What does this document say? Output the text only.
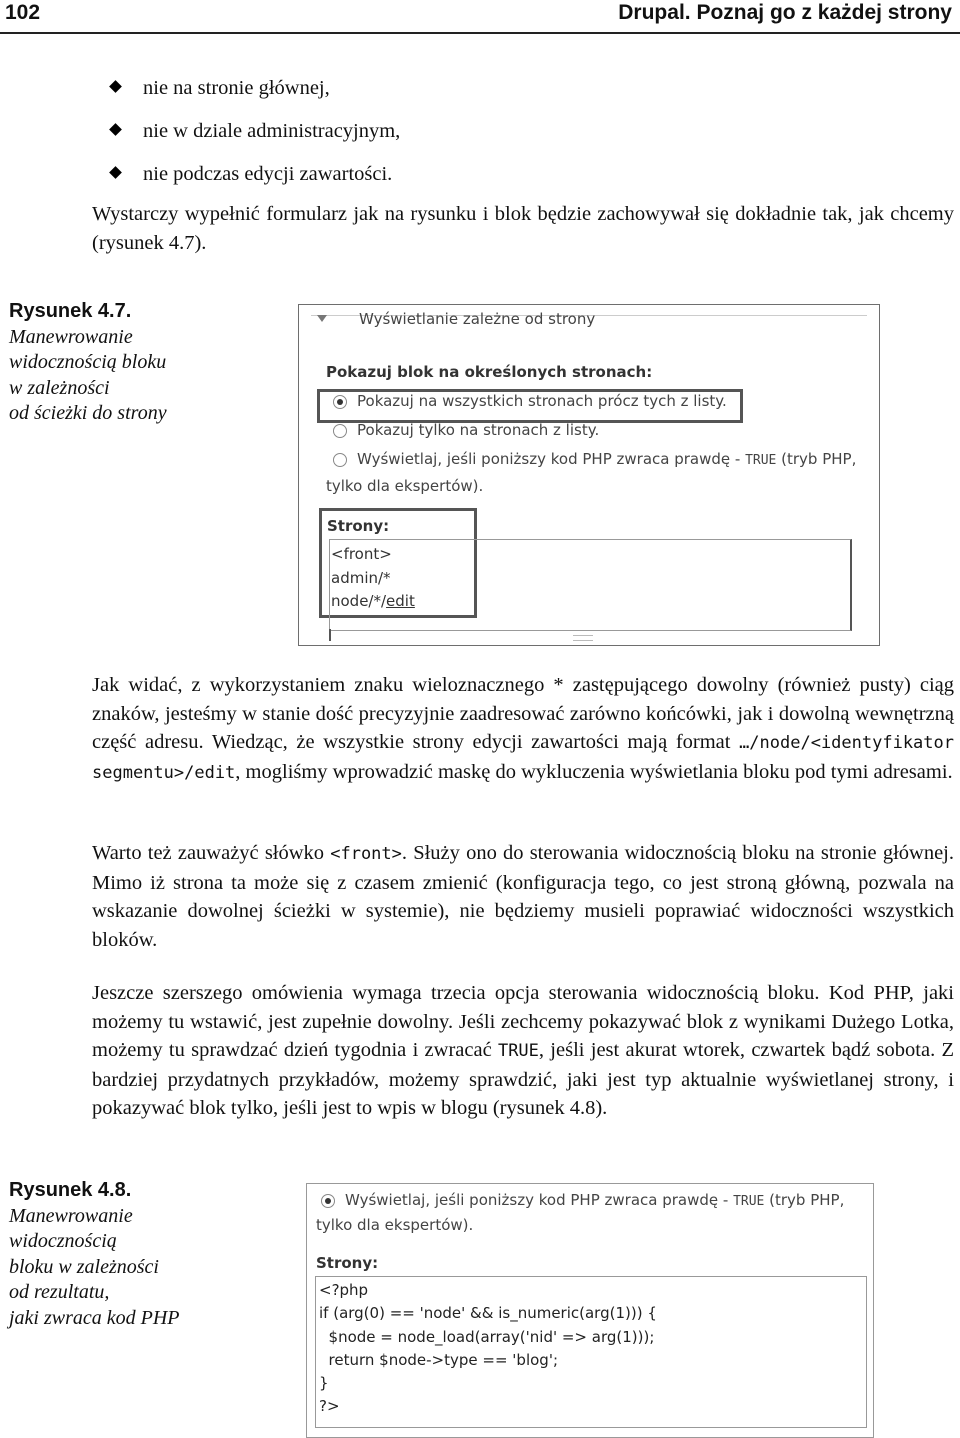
102	Drupal. Poznaj go z każdej strony
nie na stronie głównej,
nie w dziale administracyjnym,
nie podczas edycji zawartości.

Wystarczy wypełnić formularz jak na rysunku i blok będzie zachowywał się dokładnie tak, jak chcemy (rysunek 4.7).

Rysunek 4.7.
Manewrowanie
widocznością bloku
w zależności
od ścieżki do strony
Wyświetlanie zależne od strony
Pokazuj blok na określonych stronach:
Pokazuj na wszystkich stronach prócz tych z listy.
Pokazuj tylko na stronach z listy.
Wyświetlaj, jeśli poniższy kod PHP zwraca prawdę - TRUE (tryb PHP,
tylko dla ekspertów).
Strony:
<front>
admin/*
node/*/edit

Jak widać, z wykorzystaniem znaku wieloznacznego * zastępującego dowolny (również pusty) ciąg znaków, jesteśmy w stanie dość precyzyjnie zaadresować zarówno końcówki, jak i dowolną wewnętrzną część adresu. Wiedząc, że wszystkie strony edycji zawartości mają format …/node/<identyfikator segmentu>/edit, mogliśmy wprowadzić maskę do wykluczenia wyświetlania bloku pod tymi adresami.

Warto też zauważyć słówko <front>. Służy ono do sterowania widocznością bloku na stronie głównej. Mimo iż strona ta może się z czasem zmienić (konfiguracja tego, co jest stroną główną, pozwala na wskazanie dowolnej ścieżki w systemie), nie będziemy musieli poprawiać widoczności wszystkich bloków.

Jeszcze szerszego omówienia wymaga trzecia opcja sterowania widocznością bloku. Kod PHP, jaki możemy tu wstawić, jest zupełnie dowolny. Jeśli zechcemy pokazywać blok z wynikami Dużego Lotka, możemy tu sprawdzać dzień tygodnia i zwracać TRUE, jeśli jest akurat wtorek, czwartek bądź sobota. Z bardziej przydatnych przykładów, możemy sprawdzić, jaki jest typ aktualnie wyświetlanej strony, i pokazywać blok tylko, jeśli jest to wpis w blogu (rysunek 4.8).

Rysunek 4.8.
Manewrowanie
widocznością
bloku w zależności
od rezultatu,
jaki zwraca kod PHP
Wyświetlaj, jeśli poniższy kod PHP zwraca prawdę - TRUE (tryb PHP,
tylko dla ekspertów).
Strony:
<?php
if (arg(0) == 'node' && is_numeric(arg(1))) {
$node = node_load(array('nid' => arg(1)));
return $node->type == 'blog';
}
?>
